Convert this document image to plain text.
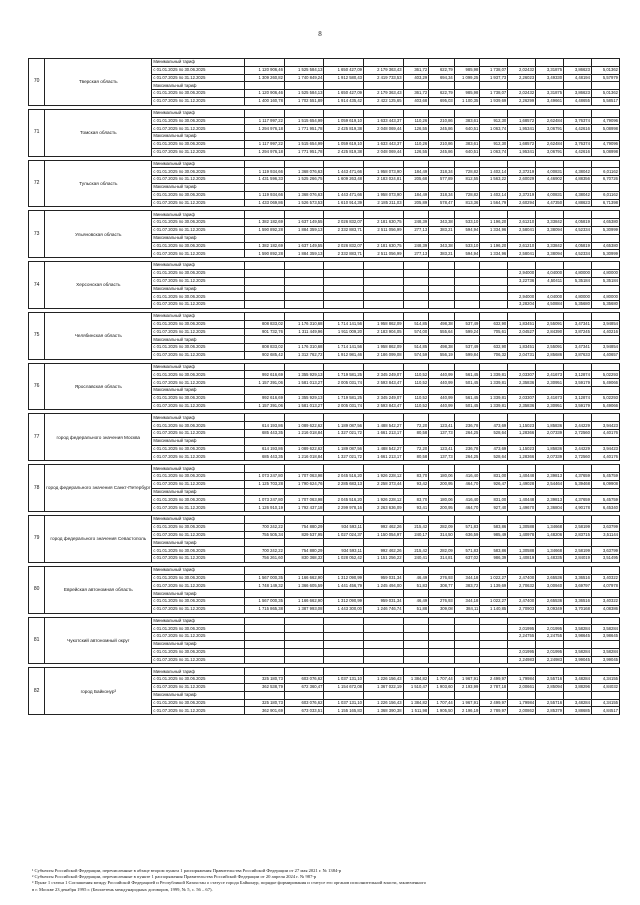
8
70	Тверская область	Минимальный тариф												
		с 01.01.2025 по 30.06.2025	1 120 906,46	1 525 584,13	1 650 427,09	2 179 363,43	361,72	622,79	985,98	1 738,07	2,02432	3,31875	3,86623	5,01362
		с 01.07.2025 по 31.12.2025	1 309 260,82	1 740 849,24	1 912 580,43	2 419 733,53	403,29	694,34	1 099,25	1 937,73	2,26023	3,49330	4,48194	5,57979
		Максимальный тариф												
		с 01.01.2025 по 30.06.2025	1 120 906,46	1 525 584,13	1 650 427,09	2 179 363,43	361,72	622,79	985,98	1 738,07	2,02432	3,31875	3,86623	5,01362
		с 01.07.2025 по 31.12.2025	1 400 160,78	1 702 551,89	1 914 435,42	2 422 125,65	403,68	695,03	1 100,35	1 939,69	2,26299	3,49661	4,48655	5,58517

71	Томская область	Минимальный тариф												
		с 01.01.2025 по 30.06.2025	1 117 997,22	1 515 654,99	1 059 619,10	1 633 443,37	110,26	210,86	383,61	912,30	1,68572	2,62484	3,76374	4,79096
		с 01.07.2025 по 31.12.2025	1 294 976,18	1 771 951,78	2 425 819,38	2 048 069,44	126,55	245,86	640,51	1 063,74	1,95341	3,06791	4,42616	5,08998
		Максимальный тариф												
		с 01.01.2025 по 30.06.2025	1 117 997,22	1 515 654,99	1 059 619,10	1 633 443,37	110,26	210,86	383,61	912,30	1,68572	2,62484	3,76374	4,79096
		с 01.07.2025 по 31.12.2025	1 294 976,18	1 771 951,78	2 425 819,38	2 048 069,44	126,55	245,86	640,51	1 063,74	1,95341	3,06791	4,42616	5,08998

72	Тульская область	Минимальный тариф												
		с 01.01.2025 по 30.06.2025	1 119 934,66	1 368 076,63	1 443 471,66	1 958 073,90	184,49	318,34	728,82	1 402,14	2,37219	4,00831	4,38042	6,01162
		с 01.07.2025 по 31.12.2025	1 431 596,33	1 525 266,75	1 609 263,48	2 183 024,81	205,68	577,89	812,55	1 563,22	2,60029	4,46902	4,88356	6,70726
		Максимальный тариф												
		с 01.01.2025 по 30.06.2025	1 119 934,66	1 368 076,63	1 443 471,66	1 958 073,90	184,49	318,34	728,82	1 402,14	2,37219	4,00831	4,38042	6,01162
		с 01.07.2025 по 31.12.2025	1 433 069,86	1 526 573,53	1 610 914,39	2 185 211,03	205,89	578,47	813,36	1 564,79	2,60294	4,47350	4,88623	6,71398

73	Ульяновская область	Минимальный тариф												
		с 01.01.2025 по 30.06.2025	1 382 182,69	1 637 149,55	2 026 832,07	2 181 630,75	248,39	343,38	533,10	1 196,20	2,61210	3,33842	4,05819	4,65380
		с 01.07.2025 по 31.12.2025	1 590 892,28	1 884 359,13	2 332 883,71	2 511 056,99	277,13	383,21	594,94	1 334,96	2,58041	3,38094	4,52334	5,30999
		Максимальный тариф												
		с 01.01.2025 по 30.06.2025	1 382 182,69	1 637 149,55	2 026 832,07	2 181 630,75	248,39	343,38	533,10	1 196,20	2,61210	3,33842	4,05819	4,65380
		с 01.07.2025 по 31.12.2025	1 590 892,28	1 884 359,13	2 332 883,71	2 511 056,99	277,13	383,21	594,94	1 334,96	2,58041	3,38094	4,52334	5,30999

74	Херсонская область	Минимальный тариф												
		с 01.01.2025 по 30.06.2025									2,94000	4,04000	4,80000	4,80000
		с 01.07.2025 по 31.12.2025									3,22736	4,50411	5,35184	5,35184
		Максимальный тариф												
		с 01.01.2025 по 30.06.2025									2,94000	4,04000	4,80000	4,80000
		с 01.07.2025 по 31.12.2025									3,28204	4,50884	5,35680	5,35680

75	Челябинская область	Минимальный тариф												
		с 01.01.2025 по 30.06.2025	808 833,02	1 176 310,68	1 714 141,56	1 958 862,09	514,85	498,38	537,49	632,90	1,83451	2,55091	3,47341	3,94854
		с 01.07.2025 по 31.12.2025	901 732,76	1 311 449,96	1 911 009,20	2 183 904,05	574,00	555,64	599,24	705,61	2,04527	2,84390	3,87245	4,40216
		Максимальный тариф												
		с 01.01.2025 по 30.06.2025	808 833,02	1 176 310,68	1 714 141,56	1 958 862,09	514,85	498,38	537,49	632,90	1,83451	2,55091	3,47341	3,94854
		с 01.07.2025 по 31.12.2025	902 685,42	1 312 762,72	1 912 981,46	2 186 099,08	574,59	556,19	599,84	706,32	2,04731	2,85686	3,87633	4,40657

76	Ярославская область	Минимальный тариф												
		с 01.01.2025 по 30.06.2025	992 616,69	1 355 929,13	1 719 581,25	2 345 249,07	110,52	440,99	561,45	1 339,81	2,03307	2,41673	3,12874	5,02293
		с 01.07.2025 по 31.12.2025	1 157 391,06	1 581 013,27	2 005 031,74	2 593 843,47	110,52	440,99	501,45	1 339,81	2,35836	2,30951	3,59179	5,49066
		Максимальный тариф												
		с 01.01.2025 по 30.06.2025	992 616,69	1 355 929,13	1 719 581,25	2 345 249,07	110,52	440,99	561,45	1 339,81	2,03307	2,41673	3,12874	5,02293
		с 01.07.2025 по 31.12.2025	1 157 391,06	1 581 013,27	2 005 031,74	2 593 843,47	110,52	440,99	501,45	1 339,81	2,35836	2,30951	3,59179	5,49066

77	город федерального значения Москва	Минимальный тариф												
		с 01.01.2025 по 30.06.2025	614 193,86	1 089 622,62	1 189 087,56	1 488 542,27	72,20	123,41	236,78	473,69	1,15023	1,85836	2,44229	3,94423
		с 01.07.2025 по 31.12.2025	685 443,35	1 216 018,84	1 327 021,72	1 661 213,17	80,58	137,73	264,25	528,64	1,28366	2,07339	2,72560	4,40176
		Максимальный тариф												
		с 01.01.2025 по 30.06.2025	614 193,86	1 089 622,62	1 189 087,56	1 488 542,27	72,20	123,41	236,78	473,69	1,15023	1,85836	2,44229	3,94423
		с 01.07.2025 по 31.12.2025	685 443,35	1 216 018,84	1 327 021,72	1 661 213,17	80,58	137,73	264,25	528,64	1,28366	2,07339	2,72560	4,40176

78	город федерального значения Санкт-Петербург	Минимальный тариф												
		с 01.01.2025 по 30.06.2025	1 073 247,80	1 707 063,98	2 045 516,20	1 926 228,12	83,70	180,06	416,40	831,00	1,40448	2,39813	4,37659	5,45759
		с 01.07.2025 по 31.12.2025	1 125 703,28	1 790 624,76	2 285 683,13	2 258 373,44	93,42	200,95	464,70	926,47	1,49028	2,54464	5,39468	6,09908
		Максимальный тариф												
		с 01.01.2025 по 30.06.2025	1 073 247,80	1 707 063,98	2 045 516,20	1 926 228,12	83,70	180,06	416,40	831,00	1,40448	2,39813	4,37659	5,45759
		с 01.07.2025 по 31.12.2025	1 126 910,19	1 792 437,18	2 299 978,16	2 263 636,09	93,41	200,95	464,70	927,40	1,49670	2,36804	4,90178	6,45340

79	город федерального значения Севастополь	Минимальный тариф												
		с 01.01.2025 по 30.06.2025	700 242,22	754 880,29	934 593,11	992 462,26	215,42	282,09	571,83	583,86	1,30588	1,34668	2,58199	3,63799
		с 01.07.2025 по 31.12.2025	755 505,34	829 537,95	1 027 024,37	1 150 054,97	240,17	314,50	636,59	985,49	1,40978	1,48206	2,83715	3,51144
		Максимальный тариф												
		с 01.01.2025 по 30.06.2025	700 242,22	754 880,29	934 593,11	992 462,26	215,42	282,09	571,83	583,86	1,30588	1,34668	2,58199	3,63799
		с 01.07.2025 по 31.12.2025	756 261,60	830 368,32	1 028 052,42	1 151 256,22	240,41	314,81	637,02	986,39	1,40819	1,48335	2,84019	3,51495

80	Еврейская автономная область	Минимальный тариф												
		с 01.01.2025 по 30.06.2025	1 567 000,35	1 166 662,90	1 312 090,99	959 031,34	46,49	276,93	344,18	1 022,27	2,47400	2,65536	3,36516	3,40322
		с 01.07.2025 по 31.12.2025	1 748 149,32	1 366 605,59	1 441 456,79	1 245 494,00	51,83	308,77	383,72	1 139,69	2,70632	3,00940	3,69797	4,07978
		Максимальный тариф												
		с 01.01.2025 по 30.06.2025	1 567 000,35	1 166 662,90	1 312 090,99	959 031,34	46,49	276,93	344,18	1 022,27	2,47400	2,65536	3,36516	3,40322
		с 01.07.2025 по 31.12.2025	1 715 865,38	1 387 993,08	1 443 300,00	1 246 746,74	51,88	309,08	384,11	1 140,85	2,70903	3,09349	3,70168	4,08386

81	Чукотский автономный округ	Минимальный тариф												
		с 01.01.2025 по 30.06.2025									2,01995	2,01995	3,58284	3,58284
		с 01.07.2025 по 31.12.2025									2,24755	2,24755	3,98645	3,98645
		Максимальный тариф												
		с 01.01.2025 по 30.06.2025									2,01995	2,01995	3,58284	3,58284
		с 01.07.2025 по 31.12.2025									2,24983	2,24983	3,99045	3,99045

82	город Байконур³	Минимальный тариф												
		с 01.01.2025 по 30.06.2025	325 180,73	603 076,62	1 037 131,10	1 226 156,43	1 384,82	1 707,44	1 967,91	2 499,97	1,79984	2,55716	3,48284	4,34155
		с 01.07.2025 по 31.12.2025	362 538,79	672 360,47	1 154 672,08	1 367 022,19	1 510,47	1 903,60	2 193,99	2 787,18	2,00661	2,85094	3,88296	4,84032
		Максимальный тариф												
		с 01.01.2025 по 30.06.2025	325 180,73	603 076,62	1 037 131,10	1 226 156,43	1 384,82	1 707,44	1 967,91	2 499,97	1,79984	2,55716	3,48284	4,34155
		с 01.07.2025 по 31.12.2025	362 901,69	673 033,51	1 155 165,83	1 368 390,38	1 511,98	1 905,50	2 196,19	2 789,97	2,00862	2,85379	3,88685	4,84517

¹ Субъекты Российской Федерации, перечисленные в абзаце втором пункта 1 распоряжения Правительства Российской Федерации от 27 мая 2021 г. № 1384-р

² Субъекты Российской Федерации, перечисленные в пункте 1 распоряжения Правительства Российской Федерации от 20 апреля 2024 г. № 987-р

³ Пункт 1 статьи 1 Соглашения между Российской Федерацией и Республикой Казахстан о статусе города Байконур, порядке формирования и статусе его органов исполнительной власти, заключенного

в г. Москве 23 декабря 1995 г. (Бюллетень международных договоров, 1999, № 5, с. 56 – 67).
